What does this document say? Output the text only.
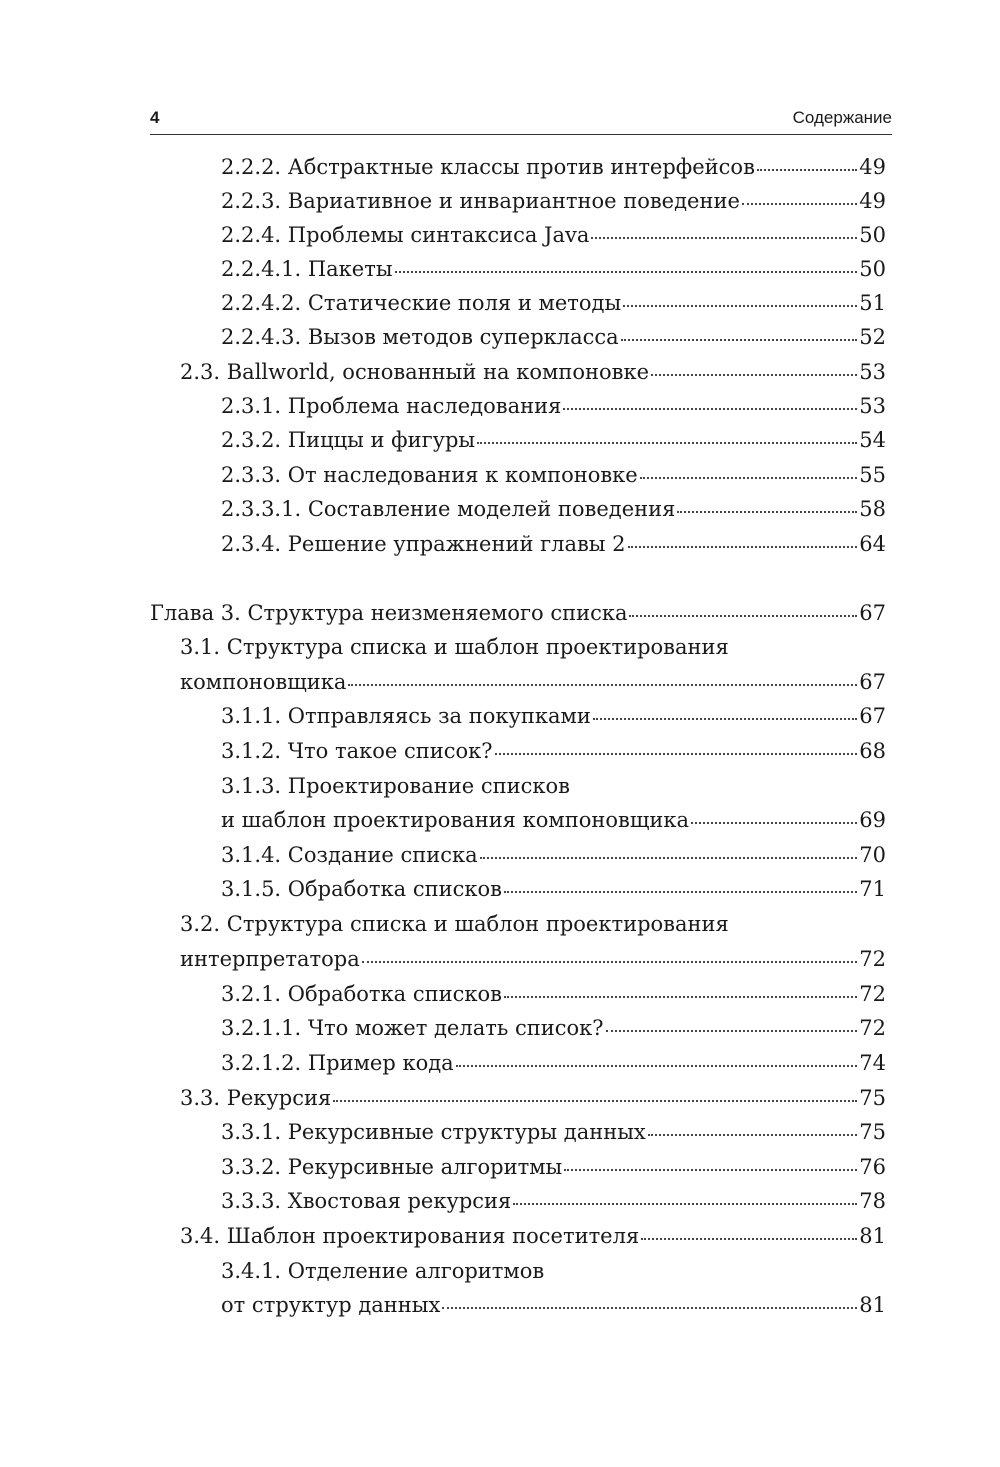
4	Содержание
2.2.2. Абстрактные классы против интерфейсов	49
2.2.3. Вариативное и инвариантное поведение	49
2.2.4. Проблемы синтаксиса Java	50
2.2.4.1. Пакеты	50
2.2.4.2. Статические поля и методы	51
2.2.4.3. Вызов методов суперкласса	52
2.3. Ballworld, основанный на компоновке	53
2.3.1. Проблема наследования	53
2.3.2. Пиццы и фигуры	54
2.3.3. От наследования к компоновке	55
2.3.3.1. Составление моделей поведения	58
2.3.4. Решение упражнений главы 2	64
Глава 3. Структура неизменяемого списка	67
3.1. Структура списка и шаблон проектирования
компоновщика	67
3.1.1. Отправляясь за покупками	67
3.1.2. Что такое список?	68
3.1.3. Проектирование списков
и шаблон проектирования компоновщика	69
3.1.4. Создание списка	70
3.1.5. Обработка списков	71
3.2. Структура списка и шаблон проектирования
интерпретатора	72
3.2.1. Обработка списков	72
3.2.1.1. Что может делать список?	72
3.2.1.2. Пример кода	74
3.3. Рекурсия	75
3.3.1. Рекурсивные структуры данных	75
3.3.2. Рекурсивные алгоритмы	76
3.3.3. Хвостовая рекурсия	78
3.4. Шаблон проектирования посетителя	81
3.4.1. Отделение алгоритмов
от структур данных	81
